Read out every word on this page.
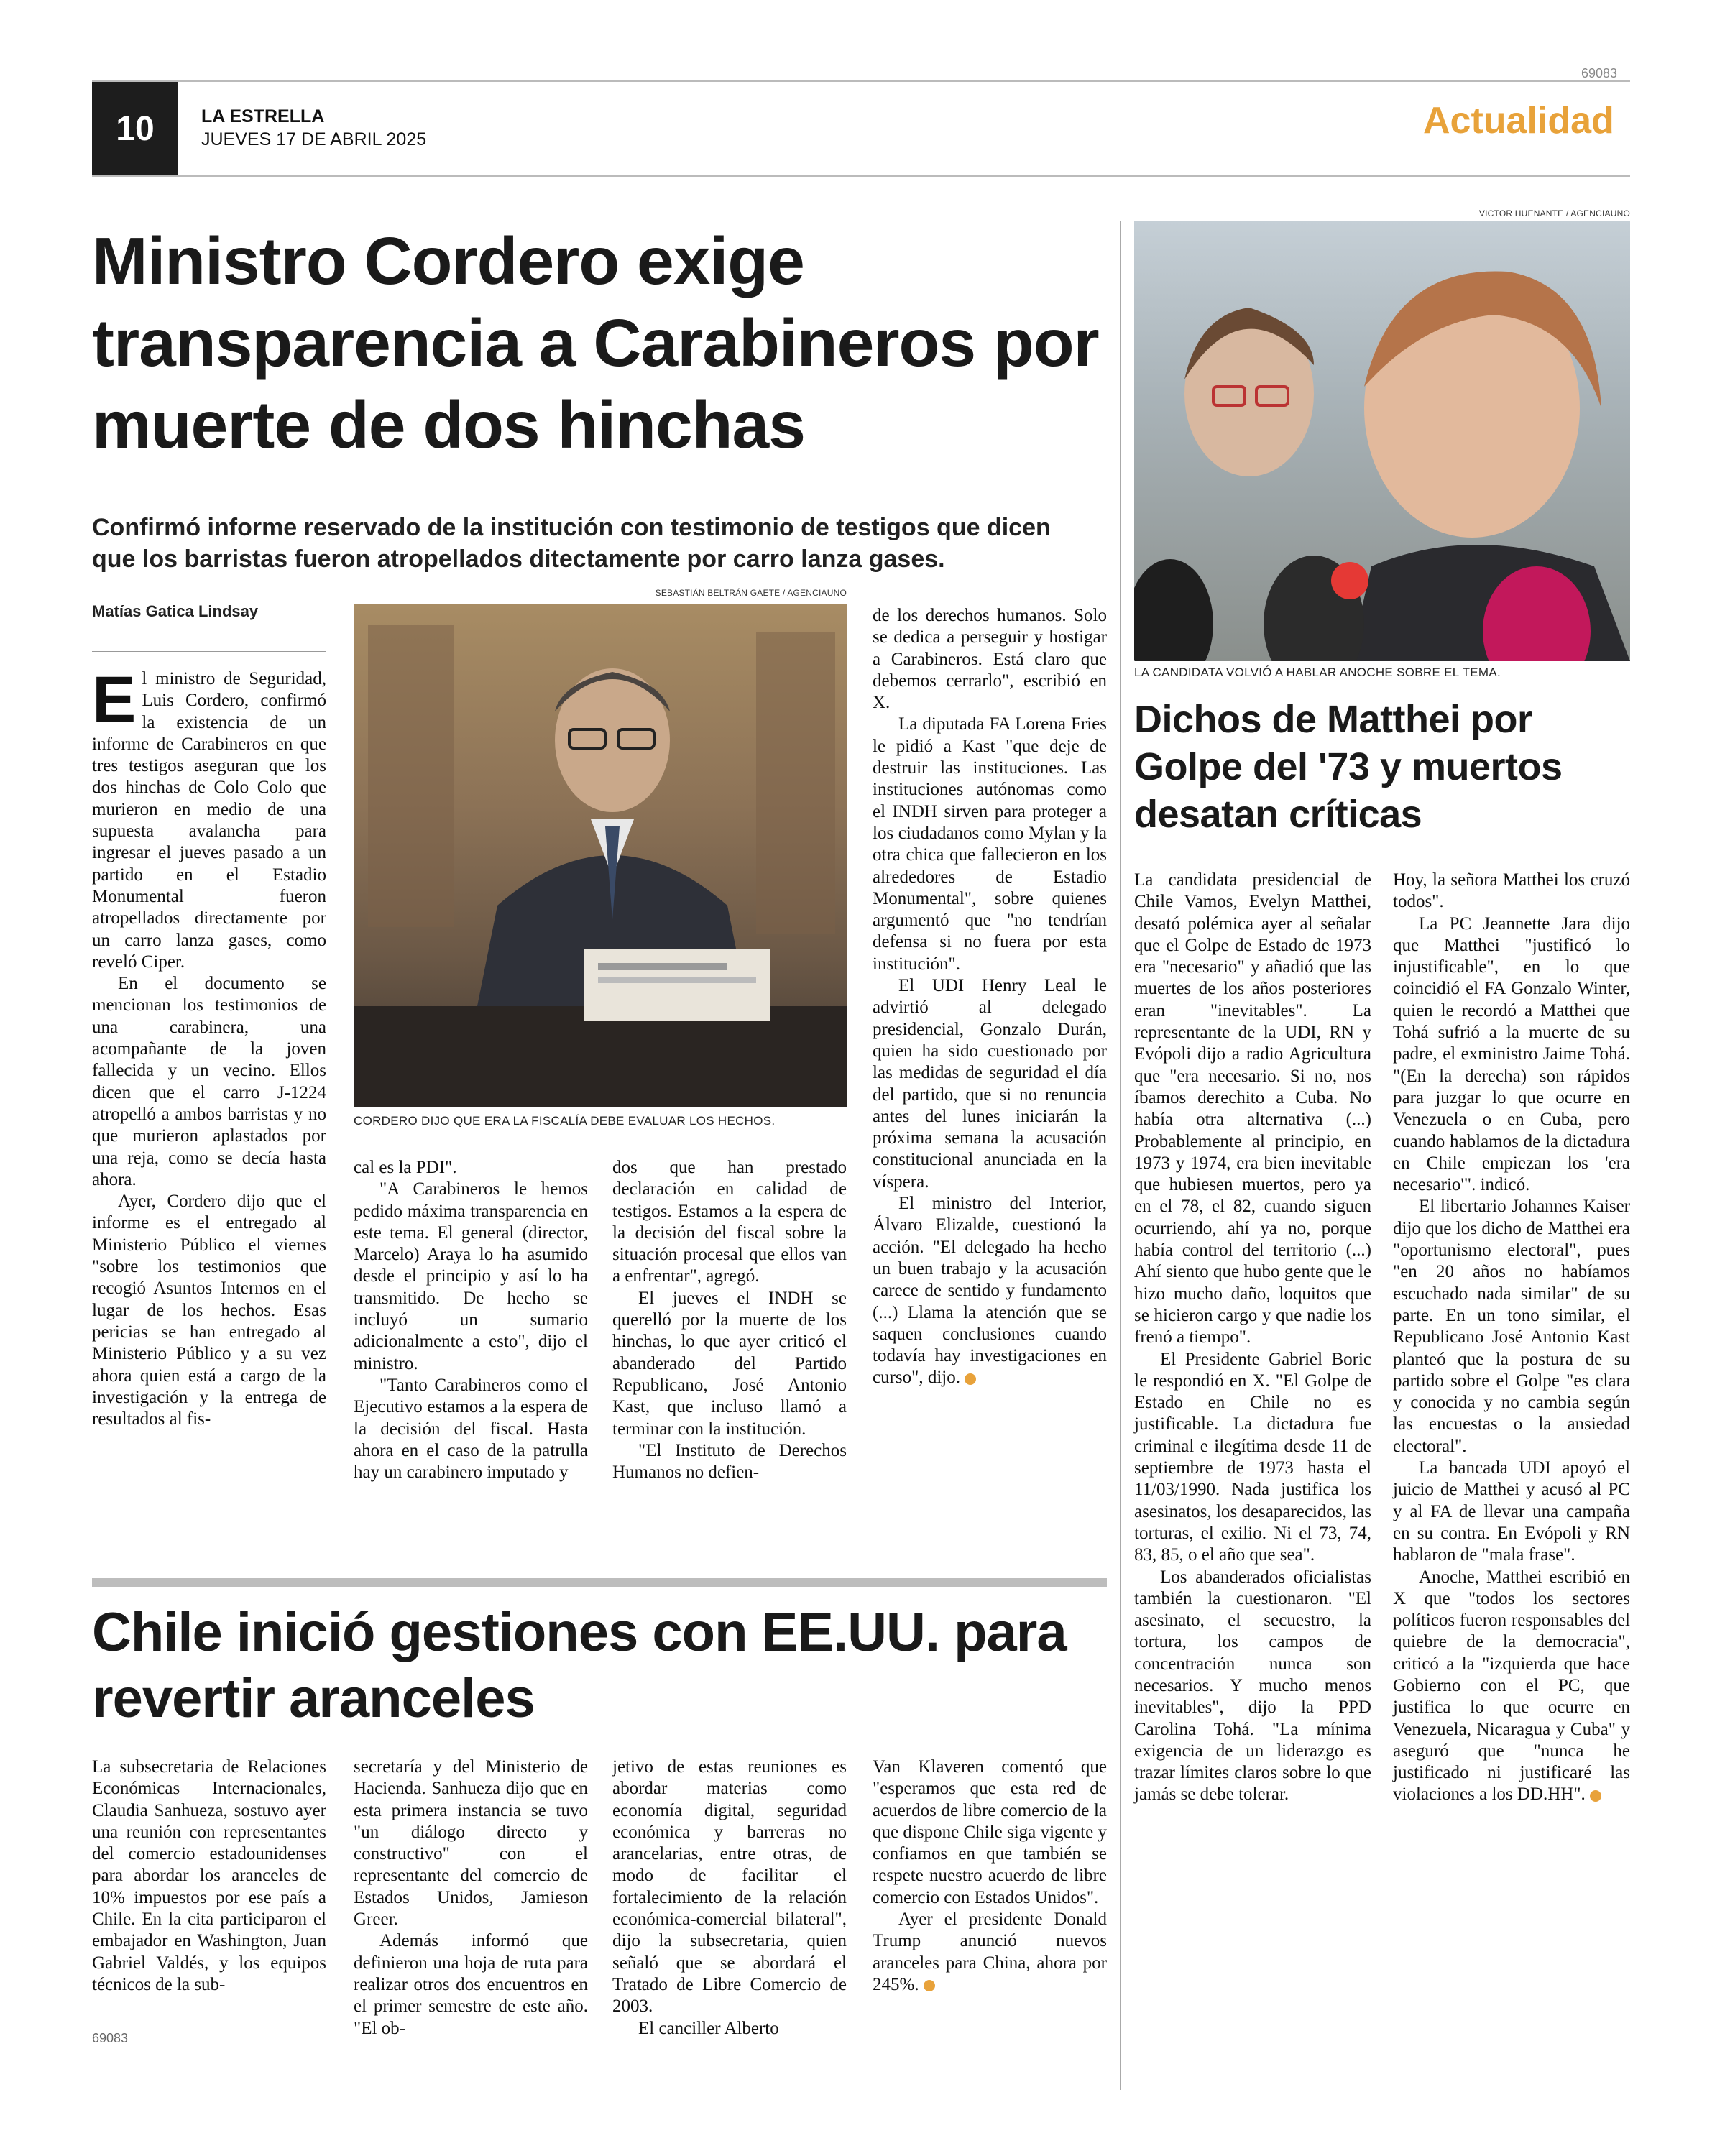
69083
10	LA ESTRELLA
JUEVES 17 DE ABRIL 2025	Actualidad
Ministro Cordero exige transparencia a Carabineros por muerte de dos hinchas
Confirmó informe reservado de la institución con testimonio de testigos que dicen que los barristas fueron atropellados ditectamente por carro lanza gases.
Matías Gatica Lindsay
SEBASTIÁN BELTRÁN GAETE / AGENCIAUNO
CORDERO DIJO QUE ERA LA FISCALÍA DEBE EVALUAR LOS HECHOS.

El ministro de Seguridad, Luis Cordero, confirmó la existencia de un informe de Carabineros en que tres testigos aseguran que los dos hinchas de Colo Colo que murieron en medio de una supuesta avalancha para ingresar el jueves pasado a un partido en el Estadio Monumental fueron atropellados directamente por un carro lanza gases, como reveló Ciper.

En el documento se mencionan los testimonios de una carabinera, una acompañante de la joven fallecida y un vecino. Ellos dicen que el carro J-1224 atropelló a ambos barristas y no que murieron aplastados por una reja, como se decía hasta ahora.

Ayer, Cordero dijo que el informe es el entregado al Ministerio Público el viernes "sobre los testimonios que recogió Asuntos Internos en el lugar de los hechos. Esas pericias se han entregado al Ministerio Público y a su vez ahora quien está a cargo de la investigación y la entrega de resultados al fis-

cal es la PDI".

"A Carabineros le hemos pedido máxima transparencia en este tema. El general (director, Marcelo) Araya lo ha asumido desde el principio y así lo ha transmitido. De hecho se incluyó un sumario adicionalmente a esto", dijo el ministro.

"Tanto Carabineros como el Ejecutivo estamos a la espera de la decisión del fiscal. Hasta ahora en el caso de la patrulla hay un carabinero imputado y

dos que han prestado declaración en calidad de testigos. Estamos a la espera de la decisión del fiscal sobre la situación procesal que ellos van a enfrentar", agregó.

El jueves el INDH se querelló por la muerte de los hinchas, lo que ayer criticó el abanderado del Partido Republicano, José Antonio Kast, que incluso llamó a terminar con la institución.

"El Instituto de Derechos Humanos no defien-

de los derechos humanos. Solo se dedica a perseguir y hostigar a Carabineros. Está claro que debemos cerrarlo", escribió en X.

La diputada FA Lorena Fries le pidió a Kast "que deje de destruir las instituciones. Las instituciones autónomas como el INDH sirven para proteger a los ciudadanos como Mylan y la otra chica que fallecieron en los alrededores de Estadio Monumental", sobre quienes argumentó que "no tendrían defensa si no fuera por esta institución".

El UDI Henry Leal le advirtió al delegado presidencial, Gonzalo Durán, quien ha sido cuestionado por las medidas de seguridad el día del partido, que si no renuncia antes del lunes iniciarán la próxima semana la acusación constitucional anunciada en la víspera.

El ministro del Interior, Álvaro Elizalde, cuestionó la acción. "El delegado ha hecho un buen trabajo y la acusación carece de sentido y fundamento (...) Llama la atención que se saquen conclusiones cuando todavía hay investigaciones en curso", dijo.

VICTOR HUENANTE / AGENCIAUNO
LA CANDIDATA VOLVIÓ A HABLAR ANOCHE SOBRE EL TEMA.
Dichos de Matthei por Golpe del '73 y muertos desatan críticas

La candidata presidencial de Chile Vamos, Evelyn Matthei, desató polémica ayer al señalar que el Golpe de Estado de 1973 era "necesario" y añadió que las muertes de los años posteriores eran "inevitables". La representante de la UDI, RN y Evópoli dijo a radio Agricultura que "era necesario. Si no, nos íbamos derechito a Cuba. No había otra alternativa (...) Probablemente al principio, en 1973 y 1974, era bien inevitable que hubiesen muertos, pero ya en el 78, el 82, cuando siguen ocurriendo, ahí ya no, porque había control del territorio (...) Ahí siento que hubo gente que le hizo mucho daño, loquitos que se hicieron cargo y que nadie los frenó a tiempo".

El Presidente Gabriel Boric le respondió en X. "El Golpe de Estado en Chile no es justificable. La dictadura fue criminal e ilegítima desde 11 de septiembre de 1973 hasta el 11/03/1990. Nada justifica los asesinatos, los desaparecidos, las torturas, el exilio. Ni el 73, 74, 83, 85, o el año que sea".

Los abanderados oficialistas también la cuestionaron. "El asesinato, el secuestro, la tortura, los campos de concentración nunca son necesarios. Y mucho menos inevitables", dijo la PPD Carolina Tohá. "La mínima exigencia de un liderazgo es trazar límites claros sobre lo que jamás se debe tolerar.

Hoy, la señora Matthei los cruzó todos".

La PC Jeannette Jara dijo que Matthei "justificó lo injustificable", en lo que coincidió el FA Gonzalo Winter, quien le recordó a Matthei que Tohá sufrió a la muerte de su padre, el exministro Jaime Tohá. "(En la derecha) son rápidos para juzgar lo que ocurre en Venezuela o en Cuba, pero cuando hablamos de la dictadura en Chile empiezan los 'era necesario'". indicó.

El libertario Johannes Kaiser dijo que los dicho de Matthei era "oportunismo electoral", pues "en 20 años no habíamos escuchado nada similar" de su parte. En un tono similar, el Republicano José Antonio Kast planteó que la postura de su partido sobre el Golpe "es clara y conocida y no cambia según las encuestas o la ansiedad electoral".

La bancada UDI apoyó el juicio de Matthei y acusó al PC y al FA de llevar una campaña en su contra. En Evópoli y RN hablaron de "mala frase".

Anoche, Matthei escribió en X que "todos los sectores políticos fueron responsables del quiebre de la democracia", criticó a la "izquierda que hace Gobierno con el PC, que justifica lo que ocurre en Venezuela, Nicaragua y Cuba" y aseguró que "nunca he justificado ni justificaré las violaciones a los DD.HH".

Chile inició gestiones con EE.UU. para revertir aranceles

La subsecretaria de Relaciones Económicas Internacionales, Claudia Sanhueza, sostuvo ayer una reunión con representantes del comercio estadounidenses para abordar los aranceles de 10% impuestos por ese país a Chile. En la cita participaron el embajador en Washington, Juan Gabriel Valdés, y los equipos técnicos de la sub-

secretaría y del Ministerio de Hacienda. Sanhueza dijo que en esta primera instancia se tuvo "un diálogo directo y constructivo" con el representante del comercio de Estados Unidos, Jamieson Greer.

Además informó que definieron una hoja de ruta para realizar otros dos encuentros en el primer semestre de este año. "El ob-

jetivo de estas reuniones es abordar materias como economía digital, seguridad económica y barreras no arancelarias, entre otras, de modo de facilitar el fortalecimiento de la relación económica-comercial bilateral", dijo la subsecretaria, quien señaló que se abordará el Tratado de Libre Comercio de 2003.

El canciller Alberto

Van Klaveren comentó que "esperamos que esta red de acuerdos de libre comercio de la que dispone Chile siga vigente y confiamos en que también se respete nuestro acuerdo de libre comercio con Estados Unidos".

Ayer el presidente Donald Trump anunció nuevos aranceles para China, ahora por 245%.

69083
